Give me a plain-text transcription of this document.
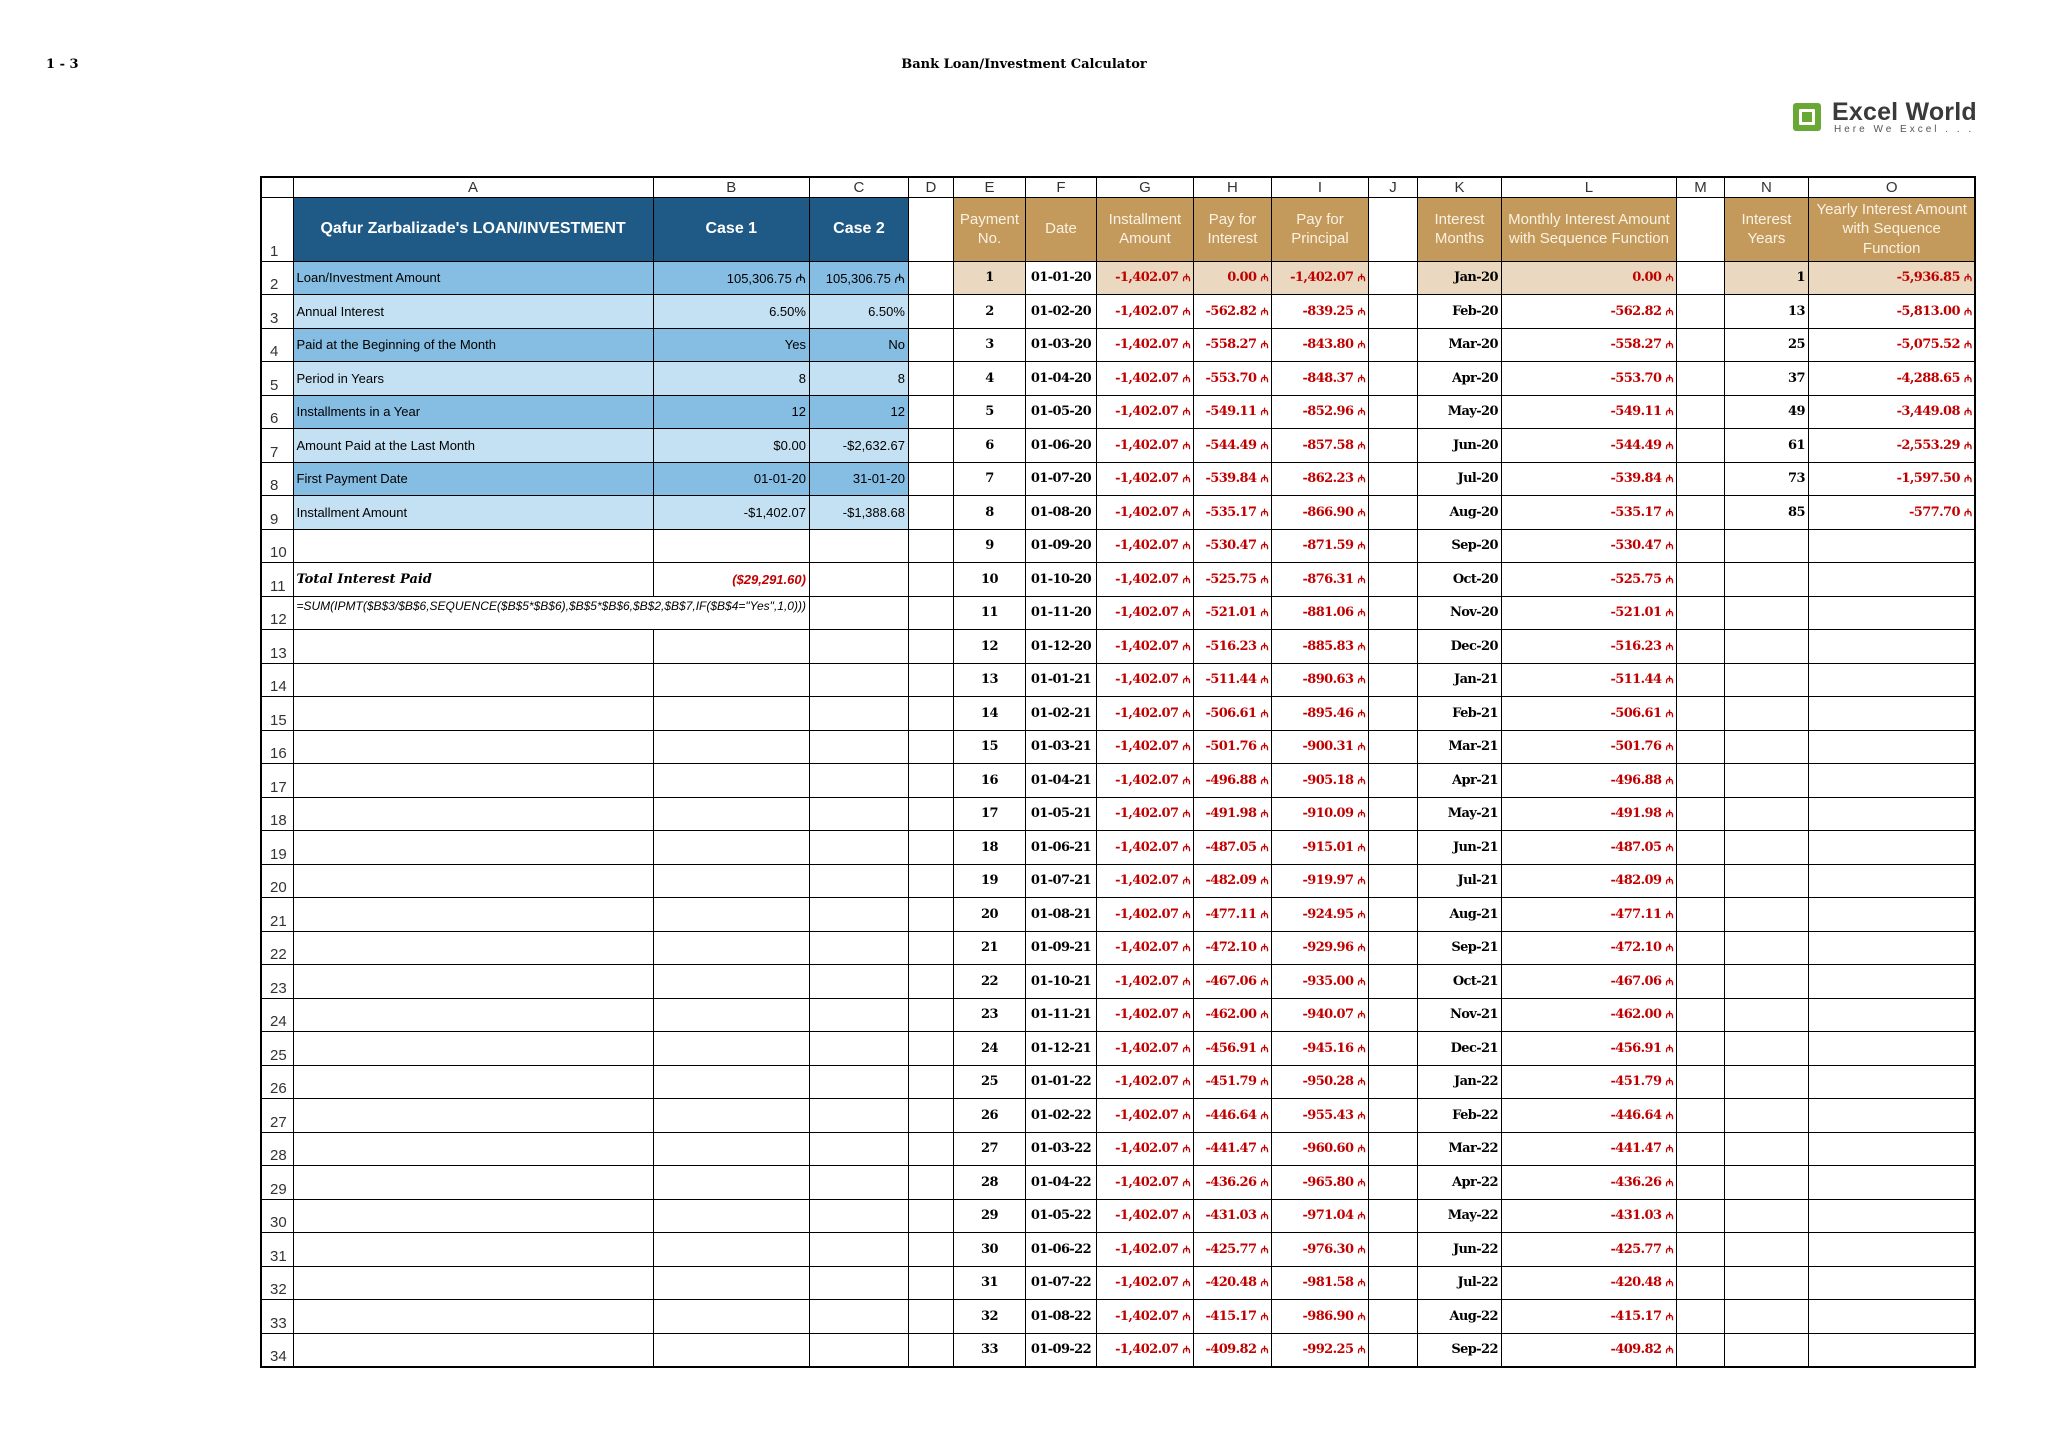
1 - 3	Bank Loan/Investment Calculator
Excel World
Here We Excel . . .
	A	B	C	D	E	F	G	H	I	J	K	L	M	N	O
1	Qafur Zarbalizade's LOAN/INVESTMENT	Case 1	Case 2		Payment No.	Date	Installment Amount	Pay for Interest	Pay for Principal		Interest Months	Monthly Interest Amount with Sequence Function		Interest Years	Yearly Interest Amount with Sequence Function
2	Loan/Investment Amount	105,306.75 ₼	105,306.75 ₼		1	01-01-20	-1,402.07 ₼	0.00 ₼	-1,402.07 ₼		Jan-20	0.00 ₼		1	-5,936.85 ₼
3	Annual Interest	6.50%	6.50%		2	01-02-20	-1,402.07 ₼	-562.82 ₼	-839.25 ₼		Feb-20	-562.82 ₼		13	-5,813.00 ₼
4	Paid at the Beginning of the Month	Yes	No		3	01-03-20	-1,402.07 ₼	-558.27 ₼	-843.80 ₼		Mar-20	-558.27 ₼		25	-5,075.52 ₼
5	Period in Years	8	8		4	01-04-20	-1,402.07 ₼	-553.70 ₼	-848.37 ₼		Apr-20	-553.70 ₼		37	-4,288.65 ₼
6	Installments in a Year	12	12		5	01-05-20	-1,402.07 ₼	-549.11 ₼	-852.96 ₼		May-20	-549.11 ₼		49	-3,449.08 ₼
7	Amount Paid at the Last Month	$0.00	-$2,632.67		6	01-06-20	-1,402.07 ₼	-544.49 ₼	-857.58 ₼		Jun-20	-544.49 ₼		61	-2,553.29 ₼
8	First Payment Date	01-01-20	31-01-20		7	01-07-20	-1,402.07 ₼	-539.84 ₼	-862.23 ₼		Jul-20	-539.84 ₼		73	-1,597.50 ₼
9	Installment Amount	-$1,402.07	-$1,388.68		8	01-08-20	-1,402.07 ₼	-535.17 ₼	-866.90 ₼		Aug-20	-535.17 ₼		85	-577.70 ₼
10					9	01-09-20	-1,402.07 ₼	-530.47 ₼	-871.59 ₼		Sep-20	-530.47 ₼			
11	Total Interest Paid	($29,291.60)			10	01-10-20	-1,402.07 ₼	-525.75 ₼	-876.31 ₼		Oct-20	-525.75 ₼			
12	=SUM(IPMT($B$3/$B$6,SEQUENCE($B$5*$B$6),$B$5*$B$6,$B$2,$B$7,IF($B$4="Yes",1,0)))				11	01-11-20	-1,402.07 ₼	-521.01 ₼	-881.06 ₼		Nov-20	-521.01 ₼			
13					12	01-12-20	-1,402.07 ₼	-516.23 ₼	-885.83 ₼		Dec-20	-516.23 ₼			
14					13	01-01-21	-1,402.07 ₼	-511.44 ₼	-890.63 ₼		Jan-21	-511.44 ₼			
15					14	01-02-21	-1,402.07 ₼	-506.61 ₼	-895.46 ₼		Feb-21	-506.61 ₼			
16					15	01-03-21	-1,402.07 ₼	-501.76 ₼	-900.31 ₼		Mar-21	-501.76 ₼			
17					16	01-04-21	-1,402.07 ₼	-496.88 ₼	-905.18 ₼		Apr-21	-496.88 ₼			
18					17	01-05-21	-1,402.07 ₼	-491.98 ₼	-910.09 ₼		May-21	-491.98 ₼			
19					18	01-06-21	-1,402.07 ₼	-487.05 ₼	-915.01 ₼		Jun-21	-487.05 ₼			
20					19	01-07-21	-1,402.07 ₼	-482.09 ₼	-919.97 ₼		Jul-21	-482.09 ₼			
21					20	01-08-21	-1,402.07 ₼	-477.11 ₼	-924.95 ₼		Aug-21	-477.11 ₼			
22					21	01-09-21	-1,402.07 ₼	-472.10 ₼	-929.96 ₼		Sep-21	-472.10 ₼			
23					22	01-10-21	-1,402.07 ₼	-467.06 ₼	-935.00 ₼		Oct-21	-467.06 ₼			
24					23	01-11-21	-1,402.07 ₼	-462.00 ₼	-940.07 ₼		Nov-21	-462.00 ₼			
25					24	01-12-21	-1,402.07 ₼	-456.91 ₼	-945.16 ₼		Dec-21	-456.91 ₼			
26					25	01-01-22	-1,402.07 ₼	-451.79 ₼	-950.28 ₼		Jan-22	-451.79 ₼			
27					26	01-02-22	-1,402.07 ₼	-446.64 ₼	-955.43 ₼		Feb-22	-446.64 ₼			
28					27	01-03-22	-1,402.07 ₼	-441.47 ₼	-960.60 ₼		Mar-22	-441.47 ₼			
29					28	01-04-22	-1,402.07 ₼	-436.26 ₼	-965.80 ₼		Apr-22	-436.26 ₼			
30					29	01-05-22	-1,402.07 ₼	-431.03 ₼	-971.04 ₼		May-22	-431.03 ₼			
31					30	01-06-22	-1,402.07 ₼	-425.77 ₼	-976.30 ₼		Jun-22	-425.77 ₼			
32					31	01-07-22	-1,402.07 ₼	-420.48 ₼	-981.58 ₼		Jul-22	-420.48 ₼			
33					32	01-08-22	-1,402.07 ₼	-415.17 ₼	-986.90 ₼		Aug-22	-415.17 ₼			
34					33	01-09-22	-1,402.07 ₼	-409.82 ₼	-992.25 ₼		Sep-22	-409.82 ₼			
